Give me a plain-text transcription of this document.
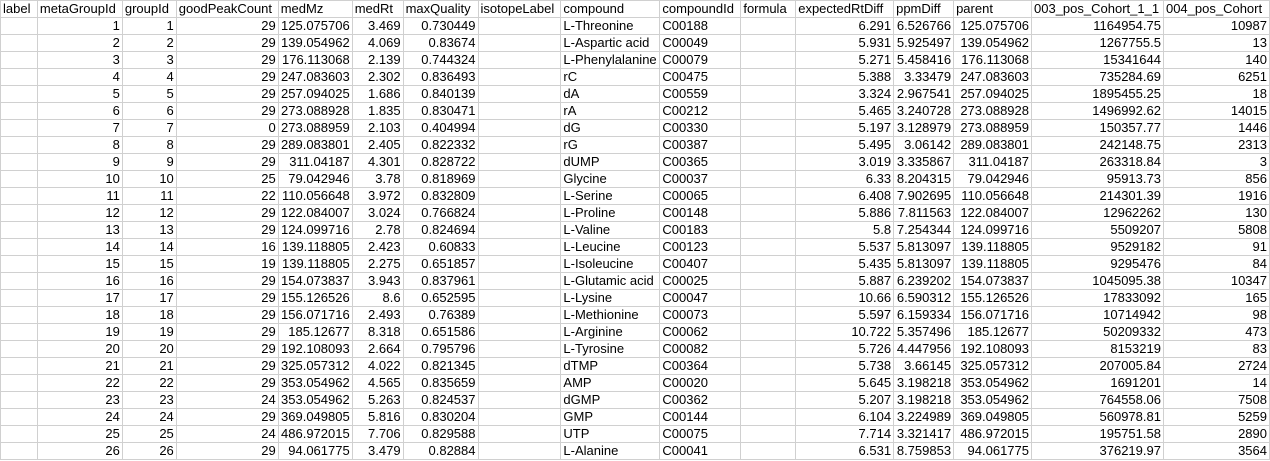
label	metaGroupId	groupId	goodPeakCount	medMz	medRt	maxQuality	isotopeLabel	compound	compoundId	formula	expectedRtDiff	ppmDiff	parent	003_pos_Cohort_1_1	004_pos_Cohort
	1	1	29	125.075706	3.469	0.730449		L-Threonine	C00188		6.291	6.526766	125.075706	1164954.75	10987
	2	2	29	139.054962	4.069	0.83674		L-Aspartic acid	C00049		5.931	5.925497	139.054962	1267755.5	13
	3	3	29	176.113068	2.139	0.744324		L-Phenylalanine	C00079		5.271	5.458416	176.113068	15341644	140
	4	4	29	247.083603	2.302	0.836493		rC	C00475		5.388	3.33479	247.083603	735284.69	6251
	5	5	29	257.094025	1.686	0.840139		dA	C00559		3.324	2.967541	257.094025	1895455.25	18
	6	6	29	273.088928	1.835	0.830471		rA	C00212		5.465	3.240728	273.088928	1496992.62	14015
	7	7	0	273.088959	2.103	0.404994		dG	C00330		5.197	3.128979	273.088959	150357.77	1446
	8	8	29	289.083801	2.405	0.822332		rG	C00387		5.495	3.06142	289.083801	242148.75	2313
	9	9	29	311.04187	4.301	0.828722		dUMP	C00365		3.019	3.335867	311.04187	263318.84	3
	10	10	25	79.042946	3.78	0.818969		Glycine	C00037		6.33	8.204315	79.042946	95913.73	856
	11	11	22	110.056648	3.972	0.832809		L-Serine	C00065		6.408	7.902695	110.056648	214301.39	1916
	12	12	29	122.084007	3.024	0.766824		L-Proline	C00148		5.886	7.811563	122.084007	12962262	130
	13	13	29	124.099716	2.78	0.824694		L-Valine	C00183		5.8	7.254344	124.099716	5509207	5808
	14	14	16	139.118805	2.423	0.60833		L-Leucine	C00123		5.537	5.813097	139.118805	9529182	91
	15	15	19	139.118805	2.275	0.651857		L-Isoleucine	C00407		5.435	5.813097	139.118805	9295476	84
	16	16	29	154.073837	3.943	0.837961		L-Glutamic acid	C00025		5.887	6.239202	154.073837	1045095.38	10347
	17	17	29	155.126526	8.6	0.652595		L-Lysine	C00047		10.66	6.590312	155.126526	17833092	165
	18	18	29	156.071716	2.493	0.76389		L-Methionine	C00073		5.597	6.159334	156.071716	10714942	98
	19	19	29	185.12677	8.318	0.651586		L-Arginine	C00062		10.722	5.357496	185.12677	50209332	473
	20	20	29	192.108093	2.664	0.795796		L-Tyrosine	C00082		5.726	4.447956	192.108093	8153219	83
	21	21	29	325.057312	4.022	0.821345		dTMP	C00364		5.738	3.66145	325.057312	207005.84	2724
	22	22	29	353.054962	4.565	0.835659		AMP	C00020		5.645	3.198218	353.054962	1691201	14
	23	23	24	353.054962	5.263	0.824537		dGMP	C00362		5.207	3.198218	353.054962	764558.06	7508
	24	24	29	369.049805	5.816	0.830204		GMP	C00144		6.104	3.224989	369.049805	560978.81	5259
	25	25	24	486.972015	7.706	0.829588		UTP	C00075		7.714	3.321417	486.972015	195751.58	2890
	26	26	29	94.061775	3.479	0.82884		L-Alanine	C00041		6.531	8.759853	94.061775	376219.97	3564
